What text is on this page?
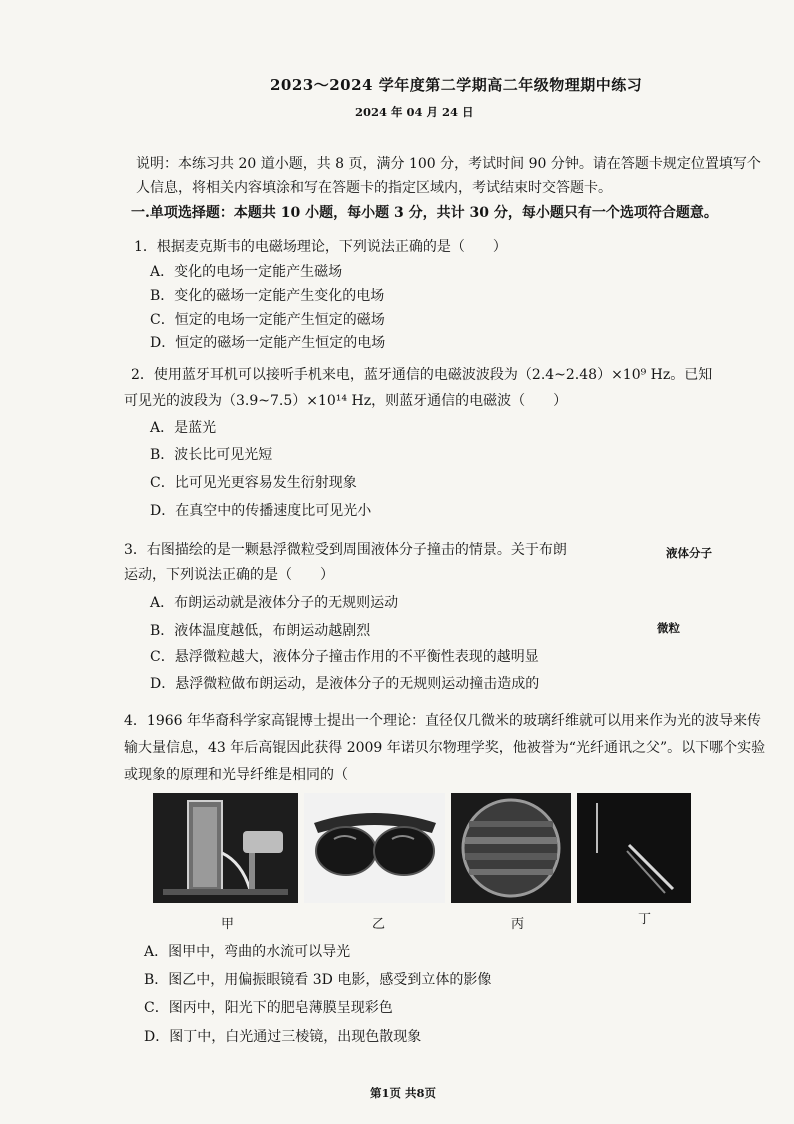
2023～2024 学年度第二学期高二年级物理期中练习
2024 年 04 月 24 日
说明：本练习共 20 道小题，共 8 页，满分 100 分，考试时间 90 分钟。请在答题卡规定位置填写个人信息，将相关内容填涂和写在答题卡的指定区域内，考试结束时交答题卡。
一.单项选择题：本题共 10 小题，每小题 3 分，共计 30 分，每小题只有一个选项符合题意。
1．根据麦克斯韦的电磁场理论，下列说法正确的是（　　）
A．变化的电场一定能产生磁场
B．变化的磁场一定能产生变化的电场
C．恒定的电场一定能产生恒定的磁场
D．恒定的磁场一定能产生恒定的电场
2．使用蓝牙耳机可以接听手机来电，蓝牙通信的电磁波波段为（2.4~2.48）×10⁹ Hz。已知
可见光的波段为（3.9~7.5）×10¹⁴ Hz，则蓝牙通信的电磁波（　　）
A．是蓝光
B．波长比可见光短
C．比可见光更容易发生衍射现象
D．在真空中的传播速度比可见光小
3．右图描绘的是一颗悬浮微粒受到周围液体分子撞击的情景。关于布朗
运动，下列说法正确的是（　　）
A．布朗运动就是液体分子的无规则运动
B．液体温度越低，布朗运动越剧烈
C．悬浮微粒越大，液体分子撞击作用的不平衡性表现的越明显
D．悬浮微粒做布朗运动，是液体分子的无规则运动撞击造成的
液体分子
微粒
4．1966 年华裔科学家高锟博士提出一个理论：直径仅几微米的玻璃纤维就可以用来作为光的波导来传输大量信息，43 年后高锟因此获得 2009 年诺贝尔物理学奖，他被誉为“光纤通讯之父”。以下哪个实验或现象的原理和光导纤维是相同的（
甲	乙	丙	丁
A．图甲中，弯曲的水流可以导光
B．图乙中，用偏振眼镜看 3D 电影，感受到立体的影像
C．图丙中，阳光下的肥皂薄膜呈现彩色
D．图丁中，白光通过三棱镜，出现色散现象
第1页 共8页
